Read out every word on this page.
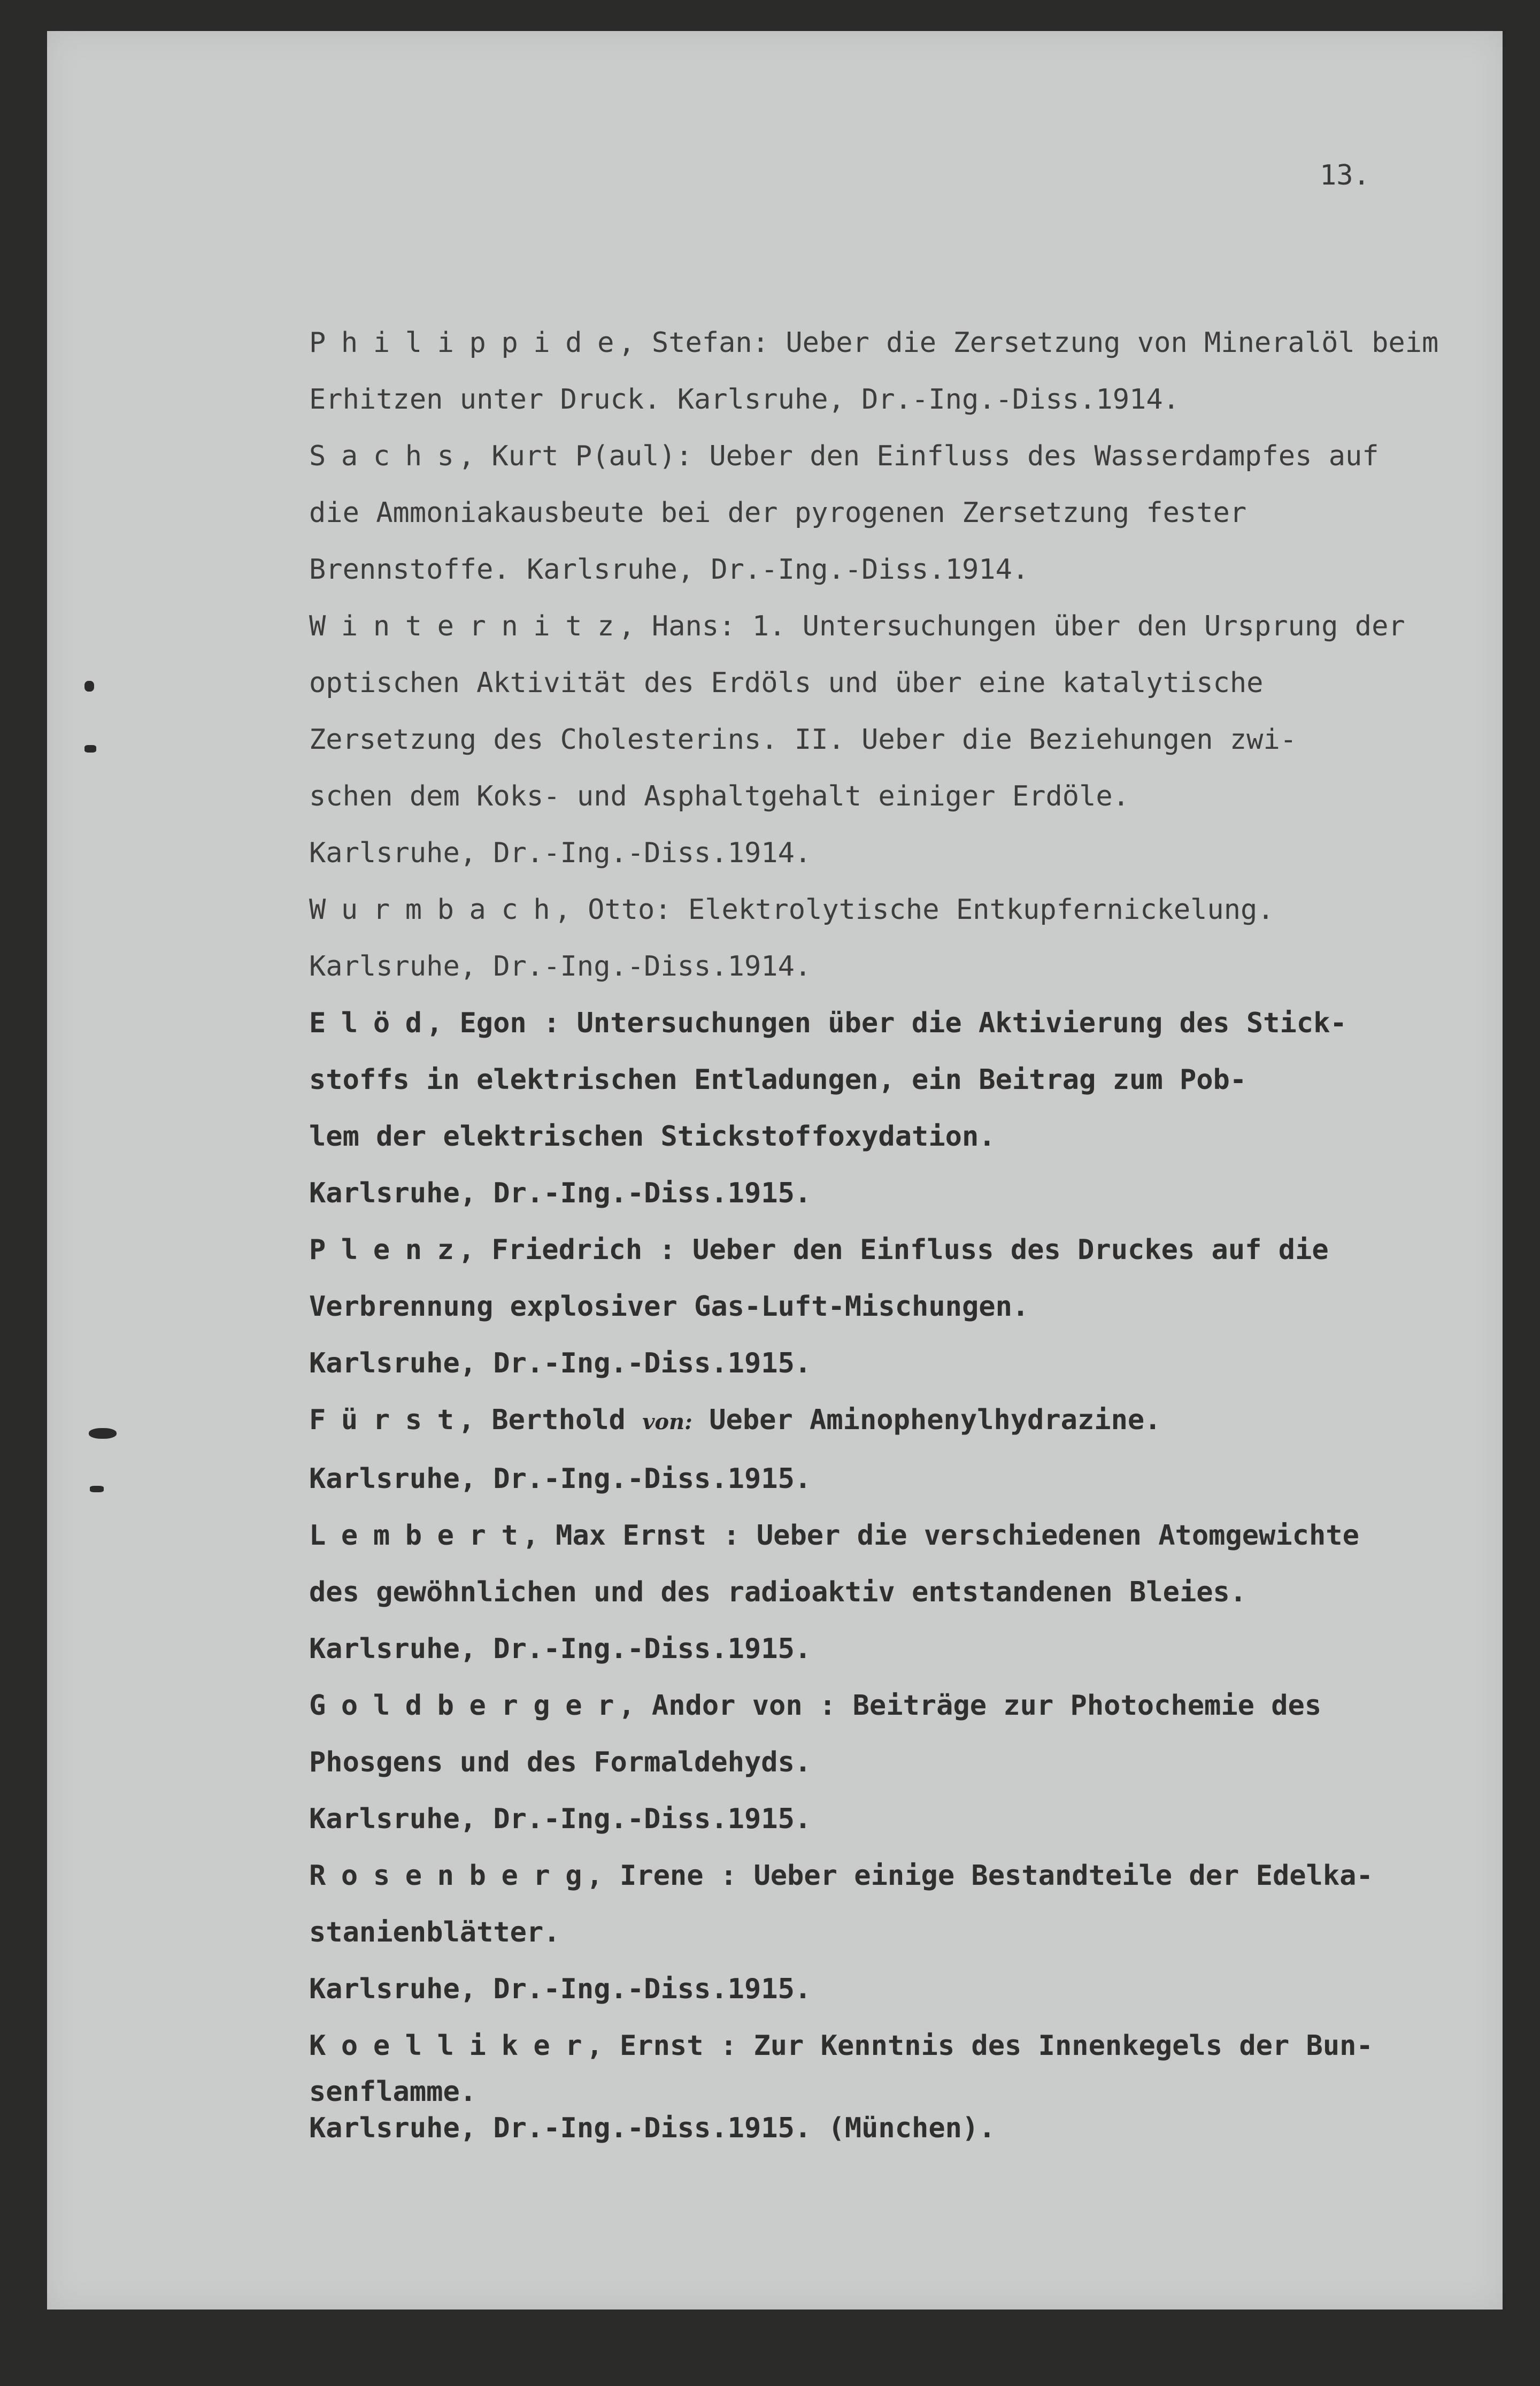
13.

Philippide, Stefan: Ueber die Zersetzung von Mineralöl beim
Erhitzen unter Druck. Karlsruhe, Dr.-Ing.-Diss.1914.
Sachs, Kurt P(aul): Ueber den Einfluss des Wasserdampfes auf
die Ammoniakausbeute bei der pyrogenen Zersetzung fester
Brennstoffe. Karlsruhe, Dr.-Ing.-Diss.1914.
Winternitz, Hans: 1. Untersuchungen über den Ursprung der
optischen Aktivität des Erdöls und über eine katalytische
Zersetzung des Cholesterins. II. Ueber die Beziehungen zwi-
schen dem Koks- und Asphaltgehalt einiger Erdöle.
Karlsruhe, Dr.-Ing.-Diss.1914.
Wurmbach, Otto: Elektrolytische Entkupfernickelung.
Karlsruhe, Dr.-Ing.-Diss.1914.
Elöd, Egon : Untersuchungen über die Aktivierung des Stick-
stoffs in elektrischen Entladungen, ein Beitrag zum Pob-
lem der elektrischen Stickstoffoxydation.
Karlsruhe, Dr.-Ing.-Diss.1915.
Plenz, Friedrich : Ueber den Einfluss des Druckes auf die
Verbrennung explosiver Gas-Luft-Mischungen.
Karlsruhe, Dr.-Ing.-Diss.1915.
Fürst, Berthold von: Ueber Aminophenylhydrazine.
Karlsruhe, Dr.-Ing.-Diss.1915.
Lembert, Max Ernst : Ueber die verschiedenen Atomgewichte
des gewöhnlichen und des radioaktiv entstandenen Bleies.
Karlsruhe, Dr.-Ing.-Diss.1915.
Goldberger, Andor von : Beiträge zur Photochemie des
Phosgens und des Formaldehyds.
Karlsruhe, Dr.-Ing.-Diss.1915.
Rosenberg, Irene : Ueber einige Bestandteile der Edelka-
stanienblätter.
Karlsruhe, Dr.-Ing.-Diss.1915.
Koelliker, Ernst : Zur Kenntnis des Innenkegels der Bun-
senflamme.
Karlsruhe, Dr.-Ing.-Diss.1915. (München).
